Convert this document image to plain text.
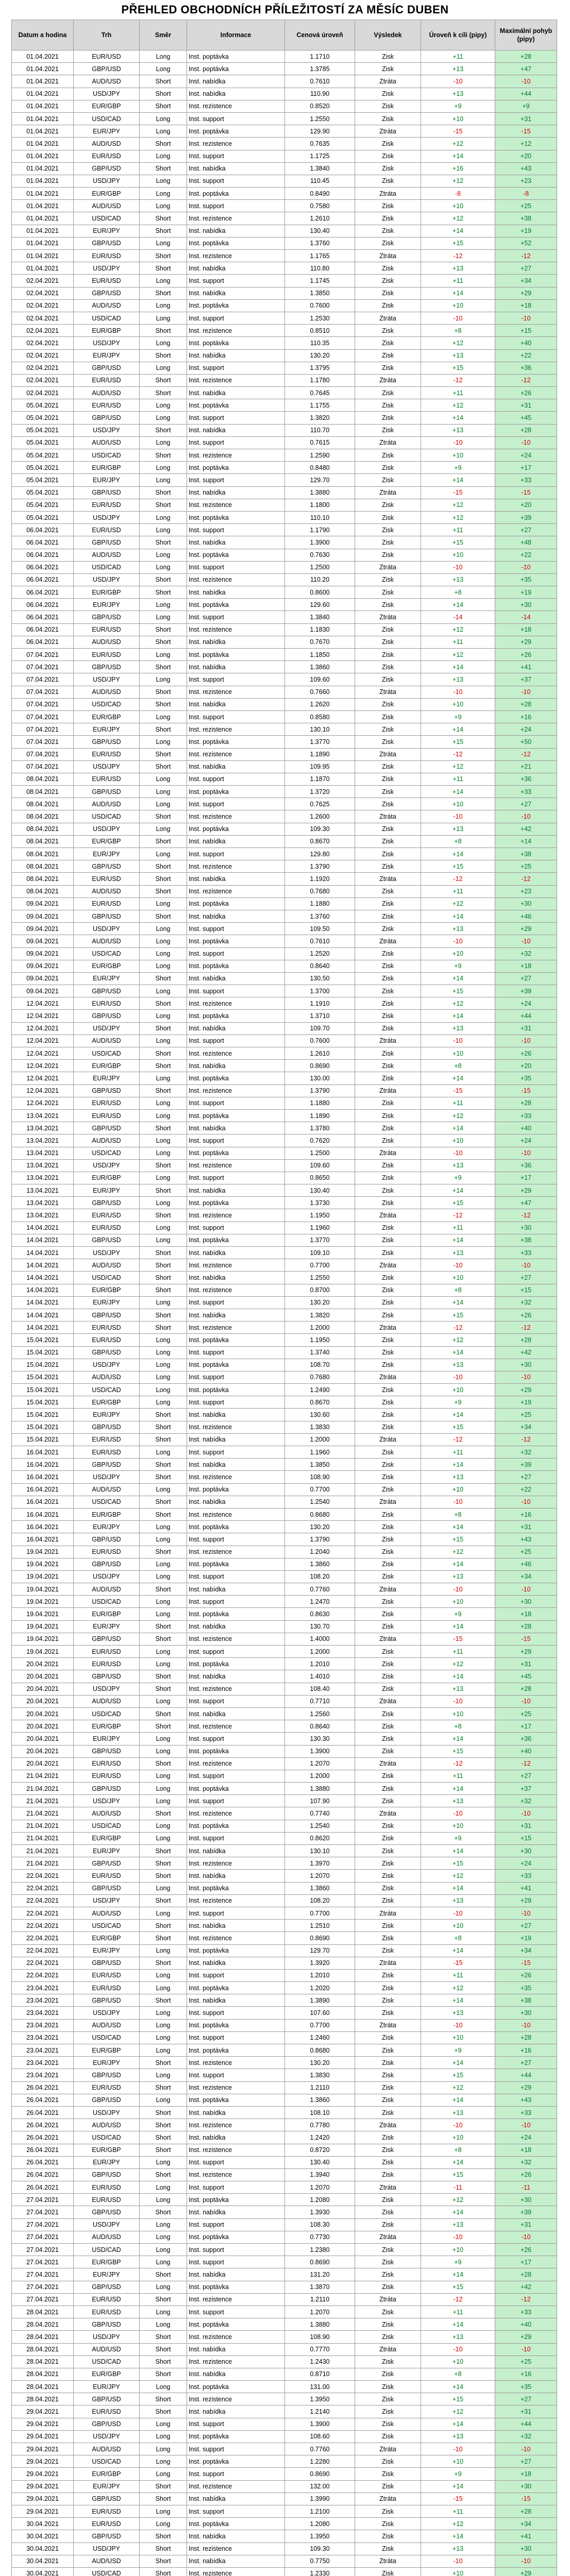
PŘEHLED OBCHODNÍCH PŘÍLEŽITOSTÍ ZA MĚSÍC DUBEN
Datum a hodina	Trh	Směr	Informace	Cenová úroveň	Výsledek	Úroveň k cíli (pipy)	Maximální pohyb (pipy)
01.04.2021	EUR/USD	Long	Inst. poptávka	1.1710	Zisk	+11	+28
01.04.2021	GBP/USD	Long	Inst. poptávka	1.3785	Zisk	+13	+47
01.04.2021	AUD/USD	Short	Inst. nabídka	0.7610	Ztráta	-10	-10
01.04.2021	USD/JPY	Short	Inst. nabídka	110.90	Zisk	+13	+44
01.04.2021	EUR/GBP	Short	Inst. rezistence	0.8520	Zisk	+9	+9
01.04.2021	USD/CAD	Long	Inst. support	1.2550	Zisk	+10	+31
01.04.2021	EUR/JPY	Long	Inst. poptávka	129.90	Ztráta	-15	-15
01.04.2021	AUD/USD	Short	Inst. rezistence	0.7635	Zisk	+12	+12
01.04.2021	EUR/USD	Long	Inst. support	1.1725	Zisk	+14	+20
01.04.2021	GBP/USD	Short	Inst. nabídka	1.3840	Zisk	+16	+43
01.04.2021	USD/JPY	Long	Inst. support	110.45	Zisk	+12	+23
01.04.2021	EUR/GBP	Long	Inst. poptávka	0.8490	Ztráta	-8	-8
01.04.2021	AUD/USD	Long	Inst. support	0.7580	Zisk	+10	+25
01.04.2021	USD/CAD	Short	Inst. rezistence	1.2610	Zisk	+12	+38
01.04.2021	EUR/JPY	Short	Inst. nabídka	130.40	Zisk	+14	+19
01.04.2021	GBP/USD	Long	Inst. poptávka	1.3760	Zisk	+15	+52
01.04.2021	EUR/USD	Short	Inst. rezistence	1.1765	Ztráta	-12	-12
01.04.2021	USD/JPY	Short	Inst. nabídka	110.80	Zisk	+13	+27
02.04.2021	EUR/USD	Long	Inst. support	1.1745	Zisk	+11	+34
02.04.2021	GBP/USD	Short	Inst. nabídka	1.3850	Zisk	+14	+29
02.04.2021	AUD/USD	Long	Inst. poptávka	0.7600	Zisk	+10	+18
02.04.2021	USD/CAD	Long	Inst. support	1.2530	Ztráta	-10	-10
02.04.2021	EUR/GBP	Short	Inst. rezistence	0.8510	Zisk	+8	+15
02.04.2021	USD/JPY	Long	Inst. poptávka	110.35	Zisk	+12	+40
02.04.2021	EUR/JPY	Short	Inst. nabídka	130.20	Zisk	+13	+22
02.04.2021	GBP/USD	Long	Inst. support	1.3795	Zisk	+15	+36
02.04.2021	EUR/USD	Short	Inst. rezistence	1.1780	Ztráta	-12	-12
02.04.2021	AUD/USD	Short	Inst. nabídka	0.7645	Zisk	+11	+26
05.04.2021	EUR/USD	Long	Inst. poptávka	1.1755	Zisk	+12	+31
05.04.2021	GBP/USD	Long	Inst. support	1.3820	Zisk	+14	+45
05.04.2021	USD/JPY	Short	Inst. nabídka	110.70	Zisk	+13	+28
05.04.2021	AUD/USD	Long	Inst. support	0.7615	Ztráta	-10	-10
05.04.2021	USD/CAD	Short	Inst. rezistence	1.2590	Zisk	+10	+24
05.04.2021	EUR/GBP	Long	Inst. poptávka	0.8480	Zisk	+9	+17
05.04.2021	EUR/JPY	Long	Inst. support	129.70	Zisk	+14	+33
05.04.2021	GBP/USD	Short	Inst. nabídka	1.3880	Ztráta	-15	-15
05.04.2021	EUR/USD	Short	Inst. rezistence	1.1800	Zisk	+12	+20
05.04.2021	USD/JPY	Long	Inst. poptávka	110.10	Zisk	+12	+39
06.04.2021	EUR/USD	Long	Inst. support	1.1790	Zisk	+11	+27
06.04.2021	GBP/USD	Short	Inst. nabídka	1.3900	Zisk	+15	+48
06.04.2021	AUD/USD	Long	Inst. poptávka	0.7630	Zisk	+10	+22
06.04.2021	USD/CAD	Long	Inst. support	1.2500	Ztráta	-10	-10
06.04.2021	USD/JPY	Short	Inst. rezistence	110.20	Zisk	+13	+35
06.04.2021	EUR/GBP	Short	Inst. nabídka	0.8600	Zisk	+8	+19
06.04.2021	EUR/JPY	Long	Inst. poptávka	129.60	Zisk	+14	+30
06.04.2021	GBP/USD	Long	Inst. support	1.3840	Ztráta	-14	-14
06.04.2021	EUR/USD	Short	Inst. rezistence	1.1830	Zisk	+12	+18
06.04.2021	AUD/USD	Short	Inst. nabídka	0.7670	Zisk	+11	+29
07.04.2021	EUR/USD	Long	Inst. poptávka	1.1850	Zisk	+12	+26
07.04.2021	GBP/USD	Short	Inst. nabídka	1.3860	Zisk	+14	+41
07.04.2021	USD/JPY	Long	Inst. support	109.60	Zisk	+13	+37
07.04.2021	AUD/USD	Short	Inst. rezistence	0.7660	Ztráta	-10	-10
07.04.2021	USD/CAD	Short	Inst. nabídka	1.2620	Zisk	+10	+28
07.04.2021	EUR/GBP	Long	Inst. support	0.8580	Zisk	+9	+16
07.04.2021	EUR/JPY	Short	Inst. rezistence	130.10	Zisk	+14	+24
07.04.2021	GBP/USD	Long	Inst. poptávka	1.3770	Zisk	+15	+50
07.04.2021	EUR/USD	Short	Inst. rezistence	1.1890	Ztráta	-12	-12
07.04.2021	USD/JPY	Short	Inst. nabídka	109.95	Zisk	+12	+21
08.04.2021	EUR/USD	Long	Inst. support	1.1870	Zisk	+11	+36
08.04.2021	GBP/USD	Long	Inst. poptávka	1.3720	Zisk	+14	+33
08.04.2021	AUD/USD	Long	Inst. support	0.7625	Zisk	+10	+27
08.04.2021	USD/CAD	Short	Inst. rezistence	1.2600	Ztráta	-10	-10
08.04.2021	USD/JPY	Long	Inst. poptávka	109.30	Zisk	+13	+42
08.04.2021	EUR/GBP	Short	Inst. nabídka	0.8670	Zisk	+8	+14
08.04.2021	EUR/JPY	Long	Inst. support	129.80	Zisk	+14	+38
08.04.2021	GBP/USD	Short	Inst. rezistence	1.3790	Zisk	+15	+25
08.04.2021	EUR/USD	Short	Inst. nabídka	1.1920	Ztráta	-12	-12
08.04.2021	AUD/USD	Short	Inst. rezistence	0.7680	Zisk	+11	+23
09.04.2021	EUR/USD	Long	Inst. poptávka	1.1880	Zisk	+12	+30
09.04.2021	GBP/USD	Short	Inst. nabídka	1.3760	Zisk	+14	+46
09.04.2021	USD/JPY	Long	Inst. support	109.50	Zisk	+13	+29
09.04.2021	AUD/USD	Long	Inst. poptávka	0.7610	Ztráta	-10	-10
09.04.2021	USD/CAD	Long	Inst. support	1.2520	Zisk	+10	+32
09.04.2021	EUR/GBP	Long	Inst. poptávka	0.8640	Zisk	+9	+18
09.04.2021	EUR/JPY	Short	Inst. nabídka	130.50	Zisk	+14	+27
09.04.2021	GBP/USD	Long	Inst. support	1.3700	Zisk	+15	+39
12.04.2021	EUR/USD	Short	Inst. rezistence	1.1910	Zisk	+12	+24
12.04.2021	GBP/USD	Long	Inst. poptávka	1.3710	Zisk	+14	+44
12.04.2021	USD/JPY	Short	Inst. nabídka	109.70	Zisk	+13	+31
12.04.2021	AUD/USD	Long	Inst. support	0.7600	Ztráta	-10	-10
12.04.2021	USD/CAD	Short	Inst. rezistence	1.2610	Zisk	+10	+26
12.04.2021	EUR/GBP	Short	Inst. nabídka	0.8690	Zisk	+8	+20
12.04.2021	EUR/JPY	Long	Inst. poptávka	130.00	Zisk	+14	+35
12.04.2021	GBP/USD	Short	Inst. rezistence	1.3790	Ztráta	-15	-15
12.04.2021	EUR/USD	Long	Inst. support	1.1880	Zisk	+11	+28
13.04.2021	EUR/USD	Long	Inst. poptávka	1.1890	Zisk	+12	+33
13.04.2021	GBP/USD	Short	Inst. nabídka	1.3780	Zisk	+14	+40
13.04.2021	AUD/USD	Long	Inst. support	0.7620	Zisk	+10	+24
13.04.2021	USD/CAD	Long	Inst. poptávka	1.2500	Ztráta	-10	-10
13.04.2021	USD/JPY	Short	Inst. rezistence	109.60	Zisk	+13	+36
13.04.2021	EUR/GBP	Long	Inst. support	0.8650	Zisk	+9	+17
13.04.2021	EUR/JPY	Short	Inst. nabídka	130.40	Zisk	+14	+29
13.04.2021	GBP/USD	Long	Inst. poptávka	1.3730	Zisk	+15	+47
13.04.2021	EUR/USD	Short	Inst. rezistence	1.1950	Ztráta	-12	-12
14.04.2021	EUR/USD	Long	Inst. support	1.1960	Zisk	+11	+30
14.04.2021	GBP/USD	Long	Inst. poptávka	1.3770	Zisk	+14	+38
14.04.2021	USD/JPY	Short	Inst. nabídka	109.10	Zisk	+13	+33
14.04.2021	AUD/USD	Short	Inst. rezistence	0.7700	Ztráta	-10	-10
14.04.2021	USD/CAD	Short	Inst. nabídka	1.2550	Zisk	+10	+27
14.04.2021	EUR/GBP	Short	Inst. rezistence	0.8700	Zisk	+8	+15
14.04.2021	EUR/JPY	Long	Inst. support	130.20	Zisk	+14	+32
14.04.2021	GBP/USD	Short	Inst. nabídka	1.3820	Zisk	+15	+26
14.04.2021	EUR/USD	Short	Inst. rezistence	1.2000	Ztráta	-12	-12
15.04.2021	EUR/USD	Long	Inst. poptávka	1.1950	Zisk	+12	+28
15.04.2021	GBP/USD	Long	Inst. support	1.3740	Zisk	+14	+42
15.04.2021	USD/JPY	Long	Inst. poptávka	108.70	Zisk	+13	+30
15.04.2021	AUD/USD	Long	Inst. support	0.7680	Ztráta	-10	-10
15.04.2021	USD/CAD	Long	Inst. poptávka	1.2490	Zisk	+10	+29
15.04.2021	EUR/GBP	Long	Inst. support	0.8670	Zisk	+9	+19
15.04.2021	EUR/JPY	Short	Inst. nabídka	130.60	Zisk	+14	+25
15.04.2021	GBP/USD	Short	Inst. rezistence	1.3830	Zisk	+15	+34
15.04.2021	EUR/USD	Short	Inst. nabídka	1.2000	Ztráta	-12	-12
16.04.2021	EUR/USD	Long	Inst. support	1.1960	Zisk	+11	+32
16.04.2021	GBP/USD	Short	Inst. nabídka	1.3850	Zisk	+14	+39
16.04.2021	USD/JPY	Short	Inst. rezistence	108.90	Zisk	+13	+27
16.04.2021	AUD/USD	Long	Inst. poptávka	0.7700	Zisk	+10	+22
16.04.2021	USD/CAD	Short	Inst. nabídka	1.2540	Ztráta	-10	-10
16.04.2021	EUR/GBP	Short	Inst. rezistence	0.8680	Zisk	+8	+16
16.04.2021	EUR/JPY	Long	Inst. poptávka	130.20	Zisk	+14	+31
16.04.2021	GBP/USD	Long	Inst. support	1.3790	Zisk	+15	+43
19.04.2021	EUR/USD	Short	Inst. rezistence	1.2040	Zisk	+12	+25
19.04.2021	GBP/USD	Long	Inst. poptávka	1.3860	Zisk	+14	+46
19.04.2021	USD/JPY	Long	Inst. support	108.20	Zisk	+13	+34
19.04.2021	AUD/USD	Short	Inst. nabídka	0.7760	Ztráta	-10	-10
19.04.2021	USD/CAD	Long	Inst. support	1.2470	Zisk	+10	+30
19.04.2021	EUR/GBP	Long	Inst. poptávka	0.8630	Zisk	+9	+18
19.04.2021	EUR/JPY	Short	Inst. nabídka	130.70	Zisk	+14	+28
19.04.2021	GBP/USD	Short	Inst. rezistence	1.4000	Ztráta	-15	-15
19.04.2021	EUR/USD	Long	Inst. support	1.2000	Zisk	+11	+29
20.04.2021	EUR/USD	Long	Inst. poptávka	1.2010	Zisk	+12	+31
20.04.2021	GBP/USD	Short	Inst. nabídka	1.4010	Zisk	+14	+45
20.04.2021	USD/JPY	Short	Inst. rezistence	108.40	Zisk	+13	+28
20.04.2021	AUD/USD	Long	Inst. support	0.7710	Ztráta	-10	-10
20.04.2021	USD/CAD	Short	Inst. nabídka	1.2560	Zisk	+10	+25
20.04.2021	EUR/GBP	Short	Inst. rezistence	0.8640	Zisk	+8	+17
20.04.2021	EUR/JPY	Long	Inst. support	130.30	Zisk	+14	+36
20.04.2021	GBP/USD	Long	Inst. poptávka	1.3900	Zisk	+15	+40
20.04.2021	EUR/USD	Short	Inst. rezistence	1.2070	Ztráta	-12	-12
21.04.2021	EUR/USD	Long	Inst. support	1.2000	Zisk	+11	+27
21.04.2021	GBP/USD	Long	Inst. poptávka	1.3880	Zisk	+14	+37
21.04.2021	USD/JPY	Long	Inst. support	107.90	Zisk	+13	+32
21.04.2021	AUD/USD	Short	Inst. rezistence	0.7740	Ztráta	-10	-10
21.04.2021	USD/CAD	Long	Inst. poptávka	1.2540	Zisk	+10	+31
21.04.2021	EUR/GBP	Long	Inst. support	0.8620	Zisk	+9	+15
21.04.2021	EUR/JPY	Short	Inst. nabídka	130.10	Zisk	+14	+30
21.04.2021	GBP/USD	Short	Inst. rezistence	1.3970	Zisk	+15	+24
22.04.2021	EUR/USD	Short	Inst. nabídka	1.2070	Zisk	+12	+33
22.04.2021	GBP/USD	Long	Inst. poptávka	1.3860	Zisk	+14	+41
22.04.2021	USD/JPY	Short	Inst. rezistence	108.20	Zisk	+13	+29
22.04.2021	AUD/USD	Long	Inst. support	0.7700	Ztráta	-10	-10
22.04.2021	USD/CAD	Short	Inst. nabídka	1.2510	Zisk	+10	+27
22.04.2021	EUR/GBP	Short	Inst. rezistence	0.8690	Zisk	+8	+19
22.04.2021	EUR/JPY	Long	Inst. poptávka	129.70	Zisk	+14	+34
22.04.2021	GBP/USD	Short	Inst. nabídka	1.3920	Ztráta	-15	-15
22.04.2021	EUR/USD	Long	Inst. support	1.2010	Zisk	+11	+26
23.04.2021	EUR/USD	Long	Inst. poptávka	1.2020	Zisk	+12	+35
23.04.2021	GBP/USD	Short	Inst. nabídka	1.3890	Zisk	+14	+38
23.04.2021	USD/JPY	Long	Inst. support	107.60	Zisk	+13	+30
23.04.2021	AUD/USD	Long	Inst. poptávka	0.7700	Ztráta	-10	-10
23.04.2021	USD/CAD	Long	Inst. support	1.2460	Zisk	+10	+28
23.04.2021	EUR/GBP	Long	Inst. poptávka	0.8680	Zisk	+9	+16
23.04.2021	EUR/JPY	Short	Inst. rezistence	130.20	Zisk	+14	+27
23.04.2021	GBP/USD	Long	Inst. support	1.3830	Zisk	+15	+44
26.04.2021	EUR/USD	Short	Inst. rezistence	1.2110	Zisk	+12	+29
26.04.2021	GBP/USD	Long	Inst. poptávka	1.3860	Zisk	+14	+43
26.04.2021	USD/JPY	Short	Inst. nabídka	108.10	Zisk	+13	+33
26.04.2021	AUD/USD	Short	Inst. rezistence	0.7780	Ztráta	-10	-10
26.04.2021	USD/CAD	Short	Inst. nabídka	1.2420	Zisk	+10	+24
26.04.2021	EUR/GBP	Short	Inst. rezistence	0.8720	Zisk	+8	+18
26.04.2021	EUR/JPY	Long	Inst. support	130.40	Zisk	+14	+32
26.04.2021	GBP/USD	Short	Inst. rezistence	1.3940	Zisk	+15	+26
26.04.2021	EUR/USD	Long	Inst. support	1.2070	Ztráta	-11	-11
27.04.2021	EUR/USD	Long	Inst. poptávka	1.2080	Zisk	+12	+30
27.04.2021	GBP/USD	Short	Inst. nabídka	1.3930	Zisk	+14	+39
27.04.2021	USD/JPY	Long	Inst. support	108.30	Zisk	+13	+31
27.04.2021	AUD/USD	Long	Inst. poptávka	0.7730	Ztráta	-10	-10
27.04.2021	USD/CAD	Long	Inst. support	1.2380	Zisk	+10	+26
27.04.2021	EUR/GBP	Long	Inst. support	0.8690	Zisk	+9	+17
27.04.2021	EUR/JPY	Short	Inst. nabídka	131.20	Zisk	+14	+28
27.04.2021	GBP/USD	Long	Inst. poptávka	1.3870	Zisk	+15	+42
27.04.2021	EUR/USD	Short	Inst. rezistence	1.2110	Ztráta	-12	-12
28.04.2021	EUR/USD	Long	Inst. support	1.2070	Zisk	+11	+33
28.04.2021	GBP/USD	Long	Inst. poptávka	1.3880	Zisk	+14	+40
28.04.2021	USD/JPY	Short	Inst. rezistence	108.90	Zisk	+13	+29
28.04.2021	AUD/USD	Short	Inst. nabídka	0.7770	Ztráta	-10	-10
28.04.2021	USD/CAD	Short	Inst. rezistence	1.2430	Zisk	+10	+25
28.04.2021	EUR/GBP	Short	Inst. nabídka	0.8710	Zisk	+8	+16
28.04.2021	EUR/JPY	Long	Inst. poptávka	131.00	Zisk	+14	+35
28.04.2021	GBP/USD	Short	Inst. rezistence	1.3950	Zisk	+15	+27
29.04.2021	EUR/USD	Short	Inst. nabídka	1.2140	Zisk	+12	+31
29.04.2021	GBP/USD	Long	Inst. support	1.3900	Zisk	+14	+44
29.04.2021	USD/JPY	Long	Inst. poptávka	108.60	Zisk	+13	+32
29.04.2021	AUD/USD	Long	Inst. support	0.7760	Ztráta	-10	-10
29.04.2021	USD/CAD	Long	Inst. poptávka	1.2280	Zisk	+10	+27
29.04.2021	EUR/GBP	Long	Inst. support	0.8690	Zisk	+9	+18
29.04.2021	EUR/JPY	Short	Inst. rezistence	132.00	Zisk	+14	+30
29.04.2021	GBP/USD	Short	Inst. nabídka	1.3990	Ztráta	-15	-15
29.04.2021	EUR/USD	Long	Inst. support	1.2100	Zisk	+11	+28
30.04.2021	EUR/USD	Long	Inst. poptávka	1.2080	Zisk	+12	+34
30.04.2021	GBP/USD	Short	Inst. nabídka	1.3950	Zisk	+14	+41
30.04.2021	USD/JPY	Short	Inst. rezistence	109.30	Zisk	+13	+30
30.04.2021	AUD/USD	Short	Inst. nabídka	0.7750	Ztráta	-10	-10
30.04.2021	USD/CAD	Short	Inst. rezistence	1.2330	Zisk	+10	+29
